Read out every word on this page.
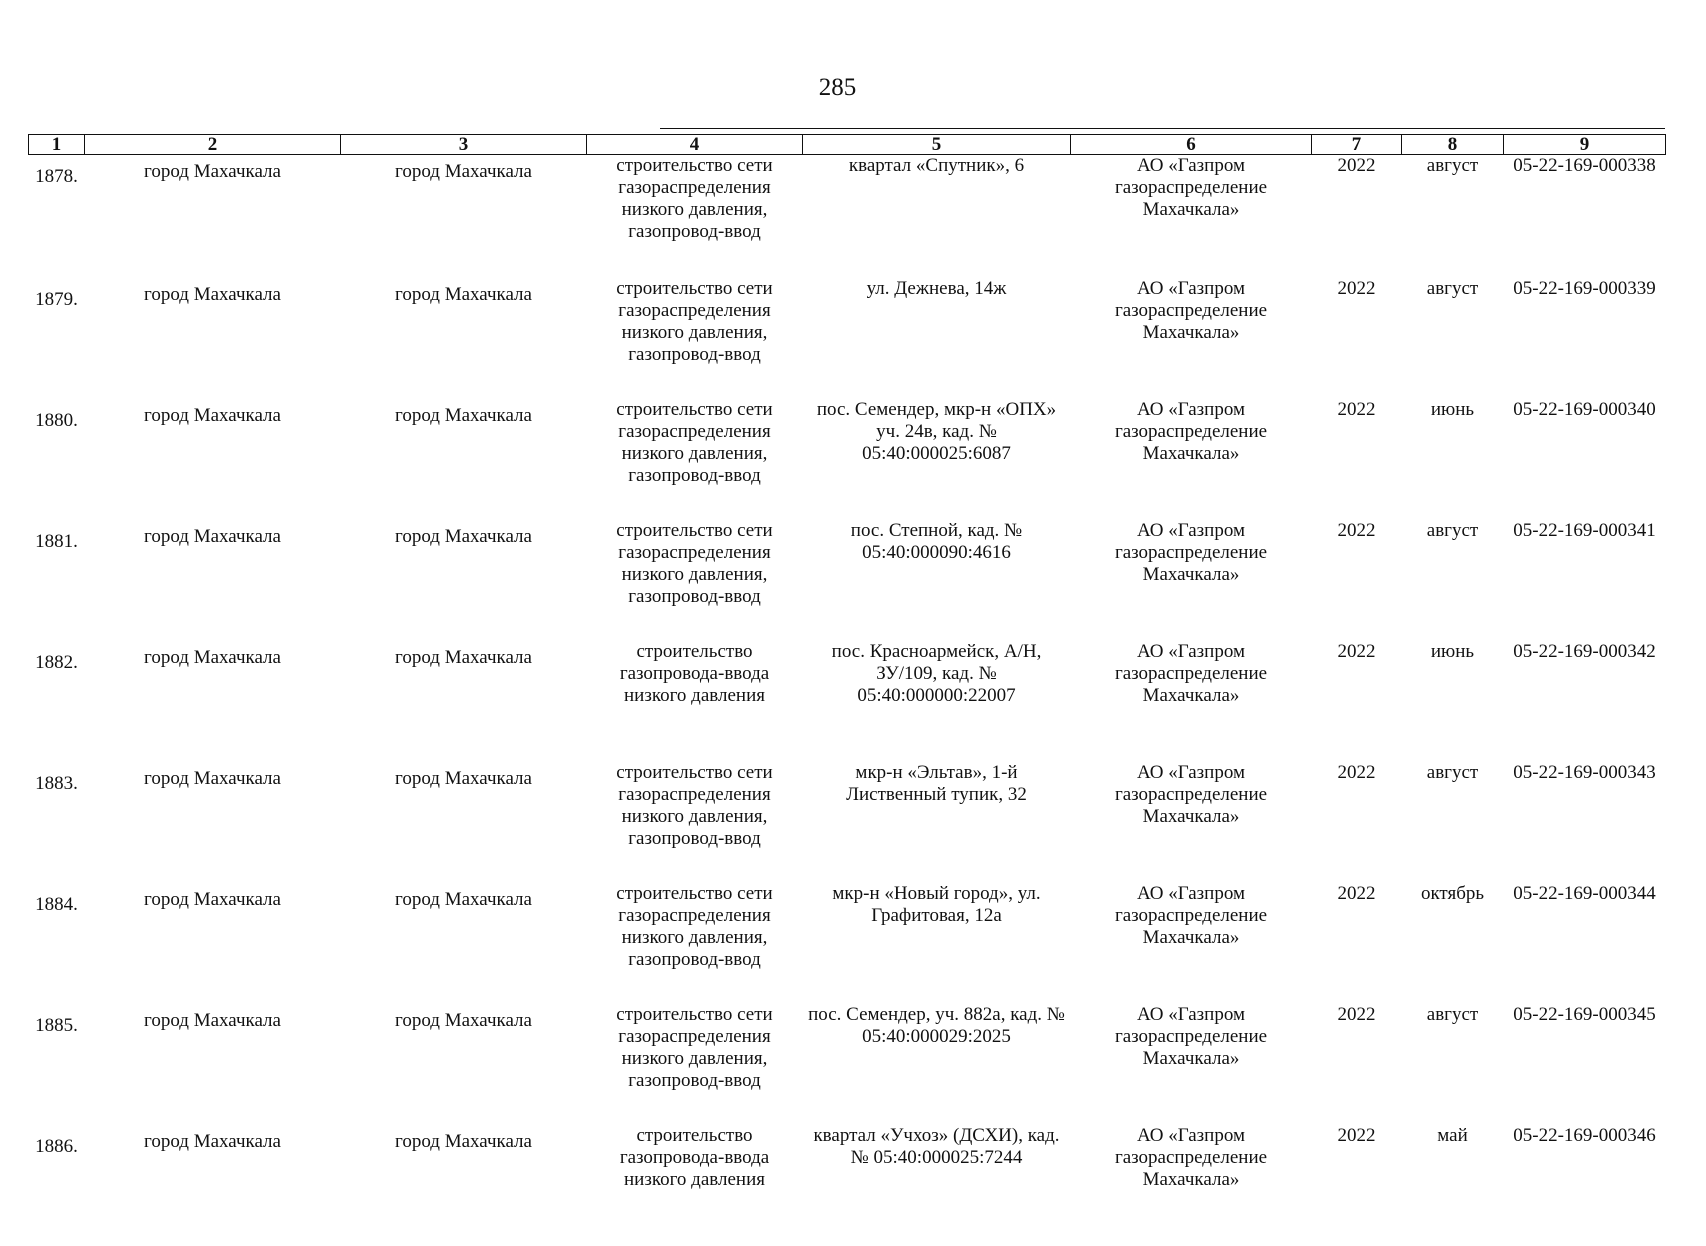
285
1	2	3	4	5	6	7	8	9
1878.	город Махачкала	город Махачкала	строительство сети газораспределения низкого давления, газопровод-ввод	квартал «Спутник», 6	АО «Газпром газораспределение Махачкала»	2022	август	05-22-169-000338
1879.	город Махачкала	город Махачкала	строительство сети газораспределения низкого давления, газопровод-ввод	ул. Дежнева, 14ж	АО «Газпром газораспределение Махачкала»	2022	август	05-22-169-000339
1880.	город Махачкала	город Махачкала	строительство сети газораспределения низкого давления, газопровод-ввод	пос. Семендер, мкр-н «ОПХ» уч. 24в, кад. № 05:40:000025:6087	АО «Газпром газораспределение Махачкала»	2022	июнь	05-22-169-000340
1881.	город Махачкала	город Махачкала	строительство сети газораспределения низкого давления, газопровод-ввод	пос. Степной, кад. № 05:40:000090:4616	АО «Газпром газораспределение Махачкала»	2022	август	05-22-169-000341
1882.	город Махачкала	город Махачкала	строительство газопровода-ввода низкого давления	пос. Красноармейск, А/Н, ЗУ/109, кад. № 05:40:000000:22007	АО «Газпром газораспределение Махачкала»	2022	июнь	05-22-169-000342
1883.	город Махачкала	город Махачкала	строительство сети газораспределения низкого давления, газопровод-ввод	мкр-н «Эльтав», 1-й Лиственный тупик, 32	АО «Газпром газораспределение Махачкала»	2022	август	05-22-169-000343
1884.	город Махачкала	город Махачкала	строительство сети газораспределения низкого давления, газопровод-ввод	мкр-н «Новый город», ул. Графитовая, 12а	АО «Газпром газораспределение Махачкала»	2022	октябрь	05-22-169-000344
1885.	город Махачкала	город Махачкала	строительство сети газораспределения низкого давления, газопровод-ввод	пос. Семендер, уч. 882а, кад. № 05:40:000029:2025	АО «Газпром газораспределение Махачкала»	2022	август	05-22-169-000345
1886.	город Махачкала	город Махачкала	строительство газопровода-ввода низкого давления	квартал «Учхоз» (ДСХИ), кад. № 05:40:000025:7244	АО «Газпром газораспределение Махачкала»	2022	май	05-22-169-000346
